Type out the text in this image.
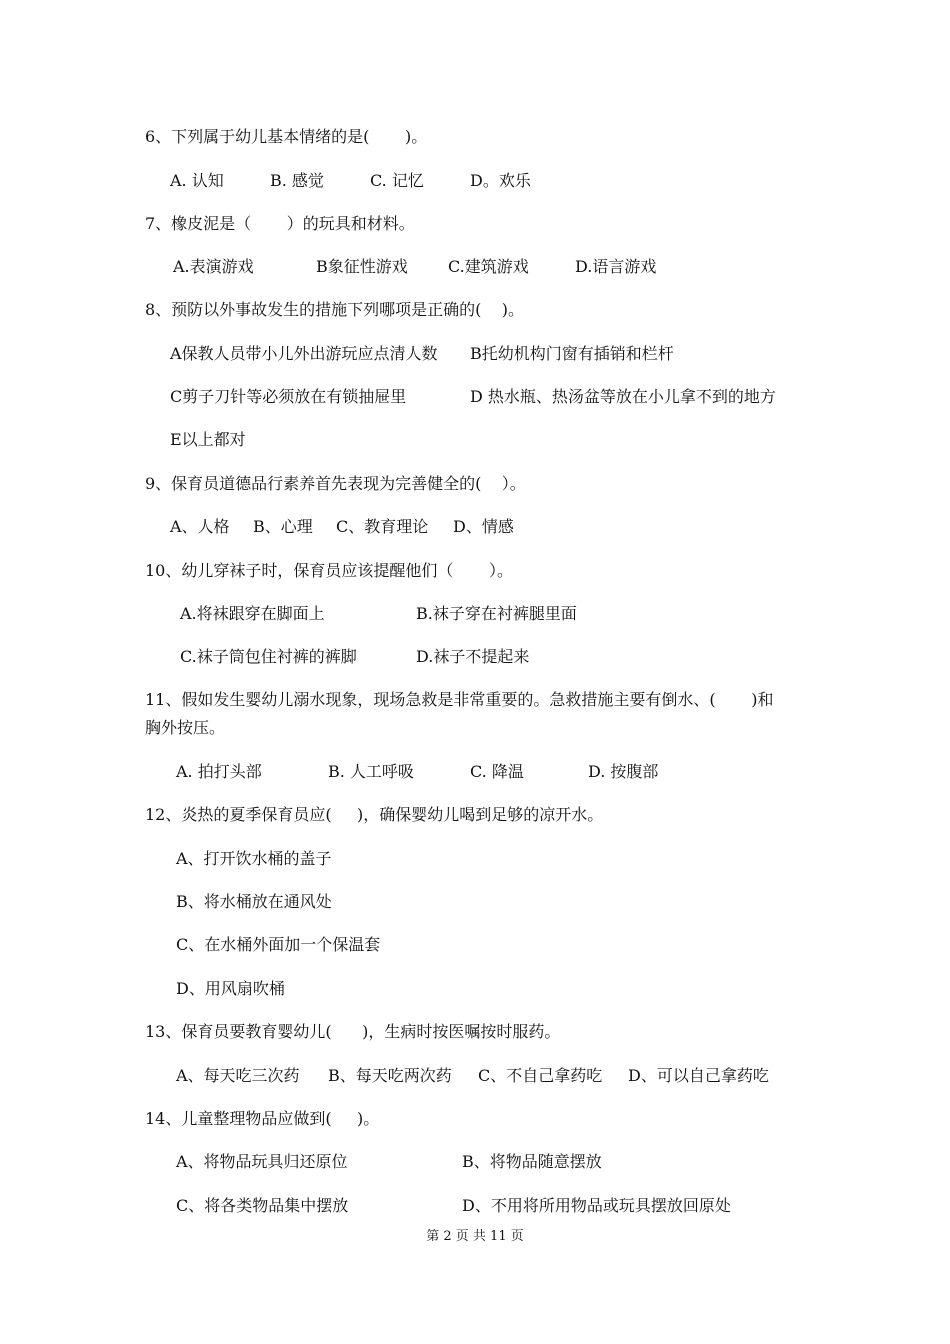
6、下列属于幼儿基本情绪的是(       )。
A. 认知	B. 感觉	C. 记忆	D。欢乐
7、橡皮泥是（       ）的玩具和材料。
A.表演游戏	B象征性游戏	C.建筑游戏	D.语言游戏
8、预防以外事故发生的措施下列哪项是正确的(    )。
A保教人员带小儿外出游玩应点清人数 B托幼机构门窗有插销和栏杆
C剪子刀针等必须放在有锁抽屉里	D 热水瓶、热汤盆等放在小儿拿不到的地方
E以上都对
9、保育员道德品行素养首先表现为完善健全的(    ）。
A、人格 B、心理 C、教育理论 D、情感
10、幼儿穿袜子时，保育员应该提醒他们（       ）。
A.将袜跟穿在脚面上	B.袜子穿在衬裤腿里面
C.袜子筒包住衬裤的裤脚	D.袜子不提起来
11、假如发生婴幼儿溺水现象，现场急救是非常重要的。急救措施主要有倒水、(       )和
胸外按压。
A. 拍打头部	B. 人工呼吸	C. 降温	D. 按腹部
12、炎热的夏季保育员应(     )，确保婴幼儿喝到足够的凉开水。
A、打开饮水桶的盖子
B、将水桶放在通风处
C、在水桶外面加一个保温套
D、用风扇吹桶
13、保育员要教育婴幼儿(      )，生病时按医嘱按时服药。
A、每天吃三次药 B、每天吃两次药 C、不自己拿药吃 D、可以自己拿药吃
14、儿童整理物品应做到(     )。
A、将物品玩具归还原位	B、将物品随意摆放
C、将各类物品集中摆放	D、不用将所用物品或玩具摆放回原处
第 2 页 共 11 页
